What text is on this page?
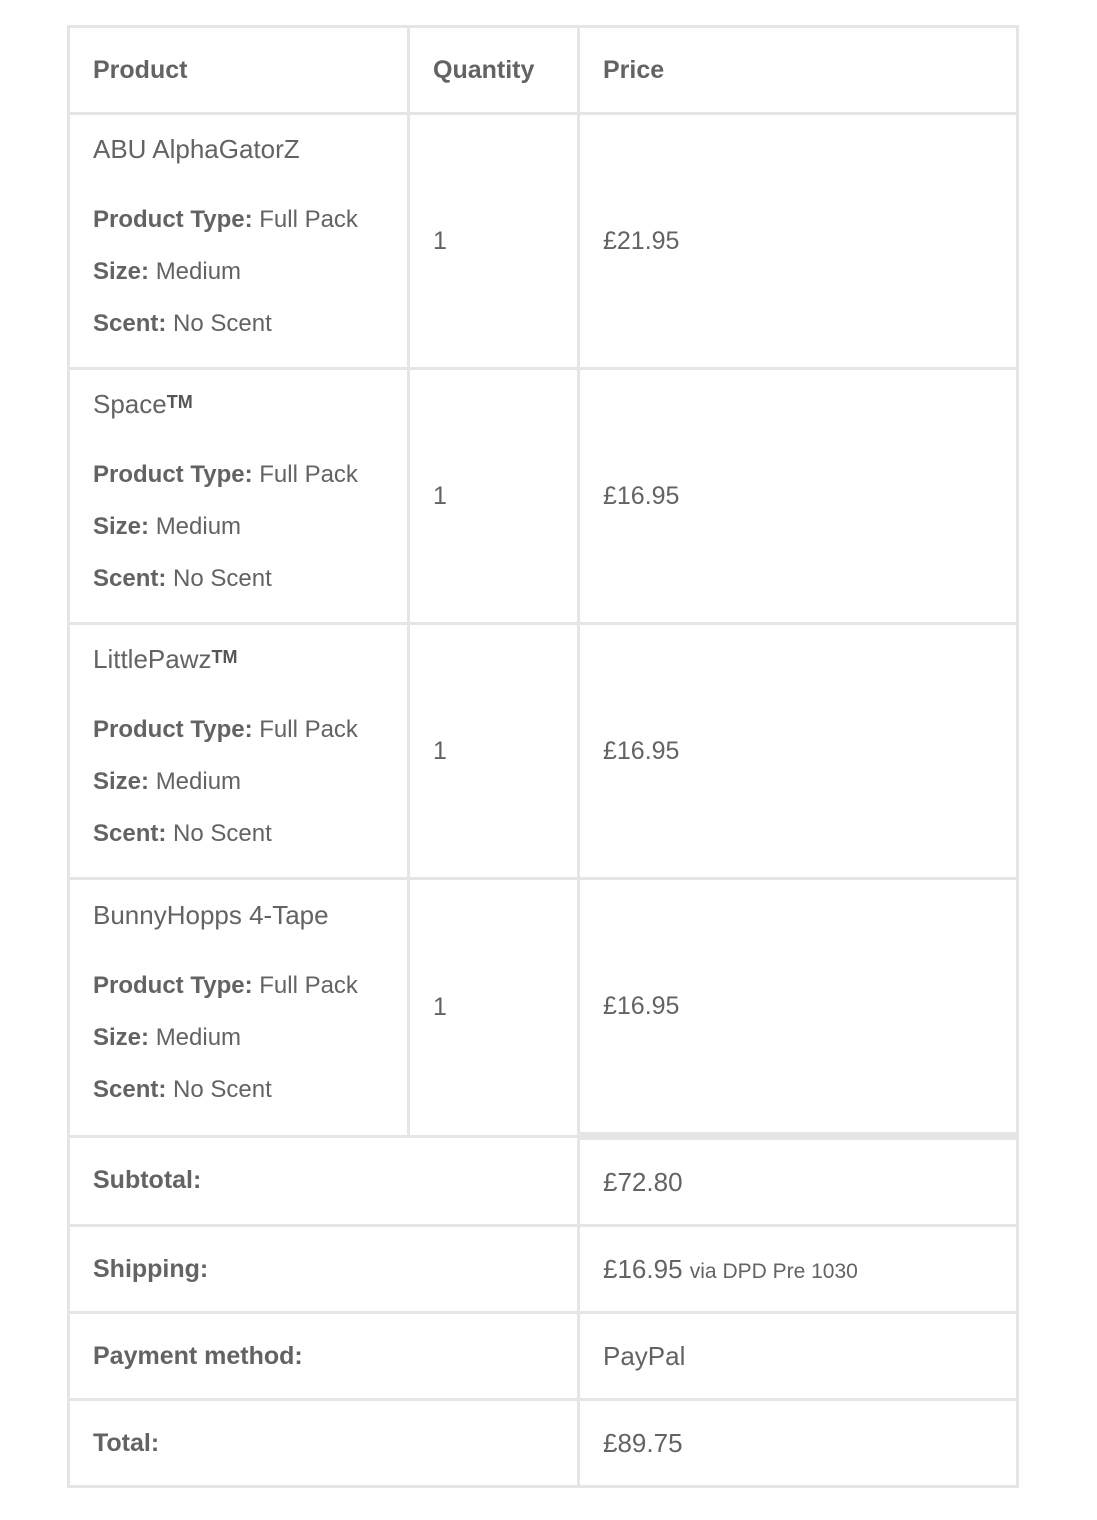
Product	Quantity	Price

ABU AlphaGatorZ

Product Type: Full Pack

Size: Medium

Scent: No Scent	1	£21.95

Space™

Product Type: Full Pack

Size: Medium

Scent: No Scent	1	£16.95

LittlePawz™

Product Type: Full Pack

Size: Medium

Scent: No Scent	1	£16.95

BunnyHopps 4-Tape

Product Type: Full Pack

Size: Medium

Scent: No Scent	1	£16.95
Subtotal:		£72.80
Shipping:		£16.95 via DPD Pre 1030
Payment method:		PayPal
Total:		£89.75
